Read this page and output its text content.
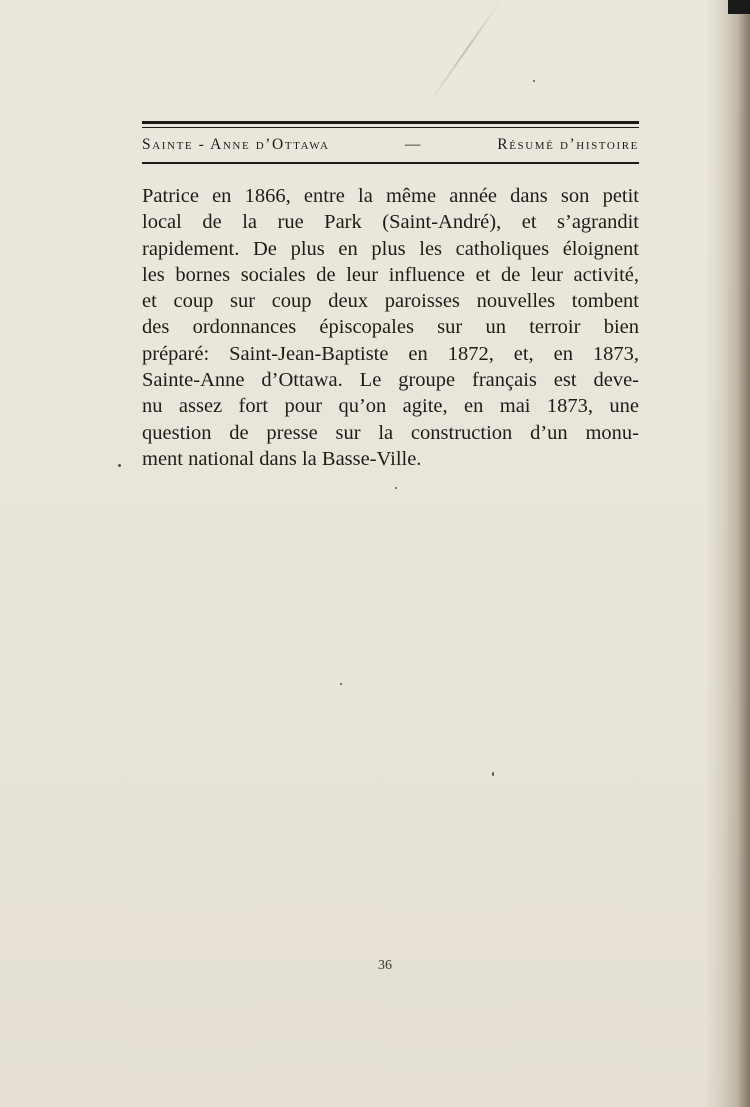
Sainte - Anne d’Ottawa	—	Résumé d’histoire
Patrice en 1866, entre la même année dans son petit
local de la rue Park (Saint-André), et s’agrandit
rapidement. De plus en plus les catholiques éloignent
les bornes sociales de leur influence et de leur activité,
et coup sur coup deux paroisses nouvelles tombent
des ordonnances épiscopales sur un terroir bien
préparé: Saint-Jean-Baptiste en 1872, et, en 1873,
Sainte-Anne d’Ottawa. Le groupe français est deve-
nu assez fort pour qu’on agite, en mai 1873, une
question de presse sur la construction d’un monu-
ment national dans la Basse-Ville.
36
